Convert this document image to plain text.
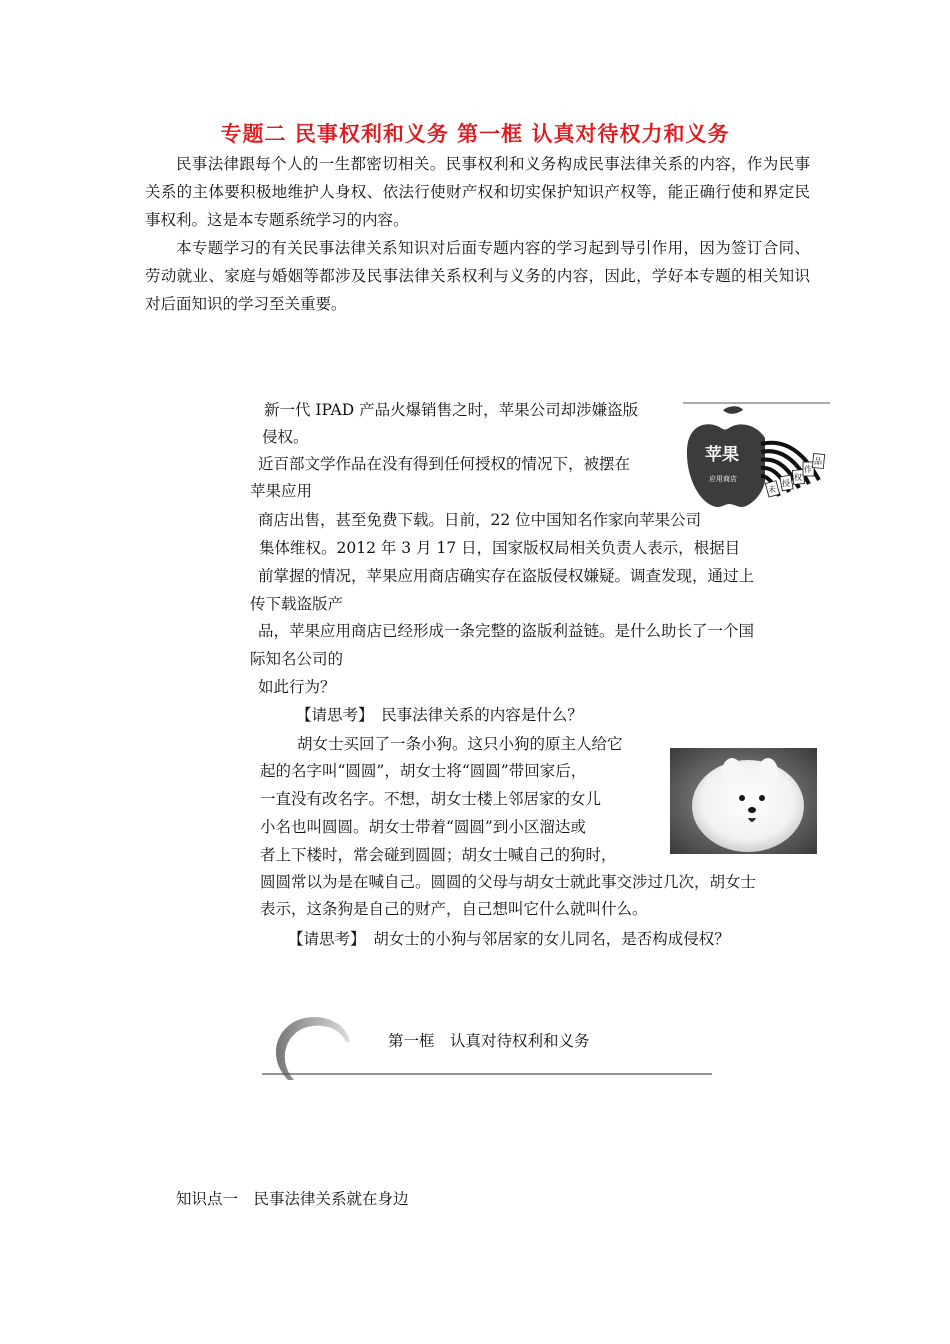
专题二 民事权利和义务 第一框 认真对待权力和义务

民事法律跟每个人的一生都密切相关。民事权利和义务构成民事法律关系的内容，作为民事关系的主体要积极地维护人身权、依法行使财产权和切实保护知识产权等，能正确行使和界定民事权利。这是本专题系统学习的内容。

本专题学习的有关民事法律关系知识对后面专题内容的学习起到导引作用，因为签订合同、劳动就业、家庭与婚姻等都涉及民事法律关系权利与义务的内容，因此，学好本专题的相关知识对后面知识的学习至关重要。

新一代 IPAD 产品火爆销售之时，苹果公司却涉嫌盗版
侵权。
近百部文学作品在没有得到任何授权的情况下，被摆在
苹果应用
商店出售，甚至免费下载。日前，22 位中国知名作家向苹果公司
集体维权。2012 年 3 月 17 日，国家版权局相关负责人表示，根据目
前掌握的情况，苹果应用商店确实存在盗版侵权嫌疑。调查发现，通过上
传下载盗版产
品，苹果应用商店已经形成一条完整的盗版利益链。是什么助长了一个国
际知名公司的
如此行为？
苹果
应用商店
未
授
权
作
品
【请思考】　民事法律关系的内容是什么？
胡女士买回了一条小狗。这只小狗的原主人给它
起的名字叫“圆圆”，胡女士将“圆圆”带回家后，
一直没有改名字。不想，胡女士楼上邻居家的女儿
小名也叫圆圆。胡女士带着“圆圆”到小区溜达或
者上下楼时，常会碰到圆圆；胡女士喊自己的狗时，
圆圆常以为是在喊自己。圆圆的父母与胡女士就此事交涉过几次，胡女士
表示，这条狗是自己的财产，自己想叫它什么就叫什么。
【请思考】　胡女士的小狗与邻居家的女儿同名，是否构成侵权？
第一框　认真对待权利和义务
知识点一　民事法律关系就在身边
